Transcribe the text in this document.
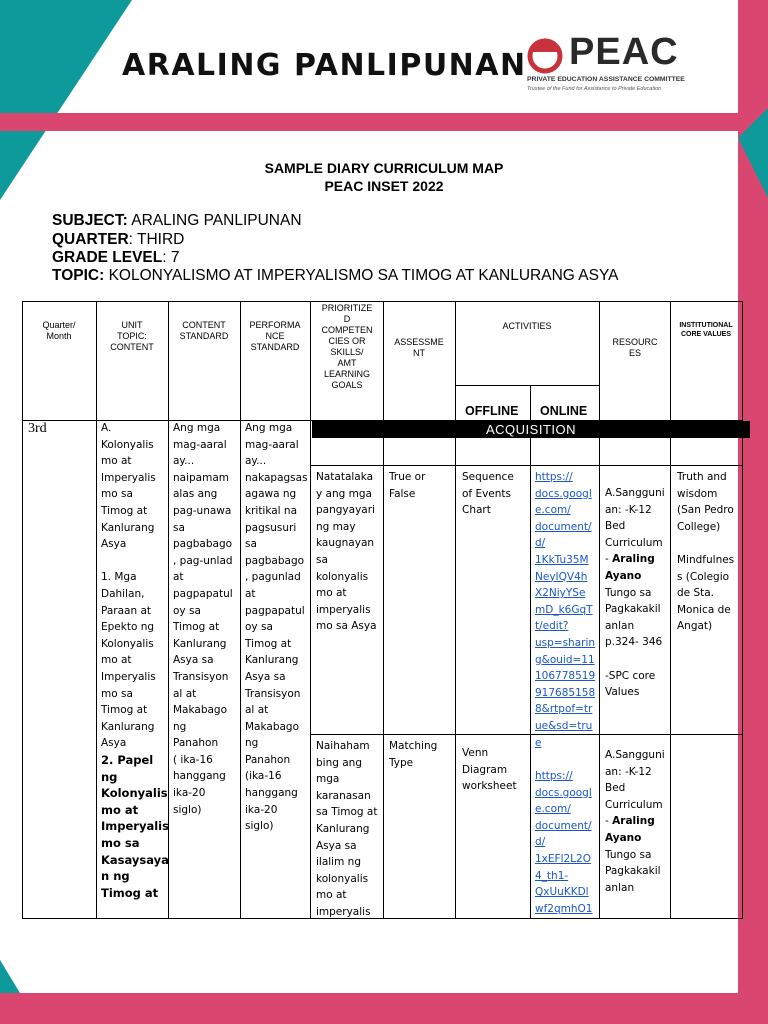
ARALING PANLIPUNAN PEAC
PRIVATE EDUCATION ASSISTANCE COMMITTEE
Trustee of the Fund for Assistance to Private Education
SAMPLE DIARY CURRICULUM MAP
PEAC INSET 2022
SUBJECT: ARALING PANLIPUNAN
QUARTER: THIRD
GRADE LEVEL: 7
TOPIC: KOLONYALISMO AT IMPERYALISMO SA TIMOG AT KANLURANG ASYA
Quarter/
Month
UNIT
TOPIC:
CONTENT
CONTENT
STANDARD
PERFORMA
NCE
STANDARD
PRIORITIZE
D
COMPETEN
CIES OR
SKILLS/
AMT
LEARNING
GOALS
ASSESSME
NT
ACTIVITIES
OFFLINE ONLINE
RESOURC
ES
INSTITUTIONAL
CORE VALUES
ACQUISITION
3rd	A.
Kolonyalis
mo at
Imperyalis
mo sa
Timog at
Kanlurang
Asya

1. Mga
Dahilan,
Paraan at
Epekto ng
Kolonyalis
mo at
Imperyalis
mo sa
Timog at
Kanlurang
Asya
2. Papel
ng
Kolonyalis
mo at
Imperyalis
mo sa
Kasaysaya
n ng
Timog at
Ang mga
mag-aaral
ay...
naipamam
alas ang
pag-unawa
sa
pagbabago
, pag-unlad
at
pagpapatul
oy sa
Timog at
Kanlurang
Asya sa
Transisyon
al at
Makabago
ng
Panahon
( ika-16
hanggang
ika-20
siglo)
Ang mga
mag-aaral
ay...
nakapagsas
agawa ng
kritikal na
pagsusuri
sa
pagbabago
, pagunlad
at
pagpapatul
oy sa
Timog at
Kanlurang
Asya sa
Transisyon
al at
Makabago
ng
Panahon
(ika-16
hanggang
ika-20
siglo)
Natatalaka
y ang mga
pangyayari
ng may
kaugnayan
sa
kolonyalis
mo at
imperyalis
mo sa Asya
True or
False
Sequence
of Events
Chart
https://
docs.googl
e.com/
document/
d/
1KkTu35M
NeyIQV4h
X2NiyYSe
mD_k6GqT
t/edit?
usp=sharin
g&ouid=11
106778519
917685158
8&rtpof=tr
ue&sd=tru
e
A.Sangguni
an: -K-12
Bed
Curriculum
- Araling
Ayano
Tungo sa
Pagkakakil
anlan
p.324- 346

-SPC core
Values
Truth and
wisdom
(San Pedro
College)

Mindfulnes
s (Colegio
de Sta.
Monica de
Angat)
Naihaham
bing ang
mga
karanasan
sa Timog at
Kanlurang
Asya sa
ilalim ng
kolonyalis
mo at
imperyalis
Matching
Type
Venn
Diagram
worksheet
https://
docs.googl
e.com/
document/
d/
1xEFl2L2O
4_th1-
QxUuKKDl
wf2qmhO1
A.Sangguni
an: -K-12
Bed
Curriculum
- Araling
Ayano
Tungo sa
Pagkakakil
anlan
